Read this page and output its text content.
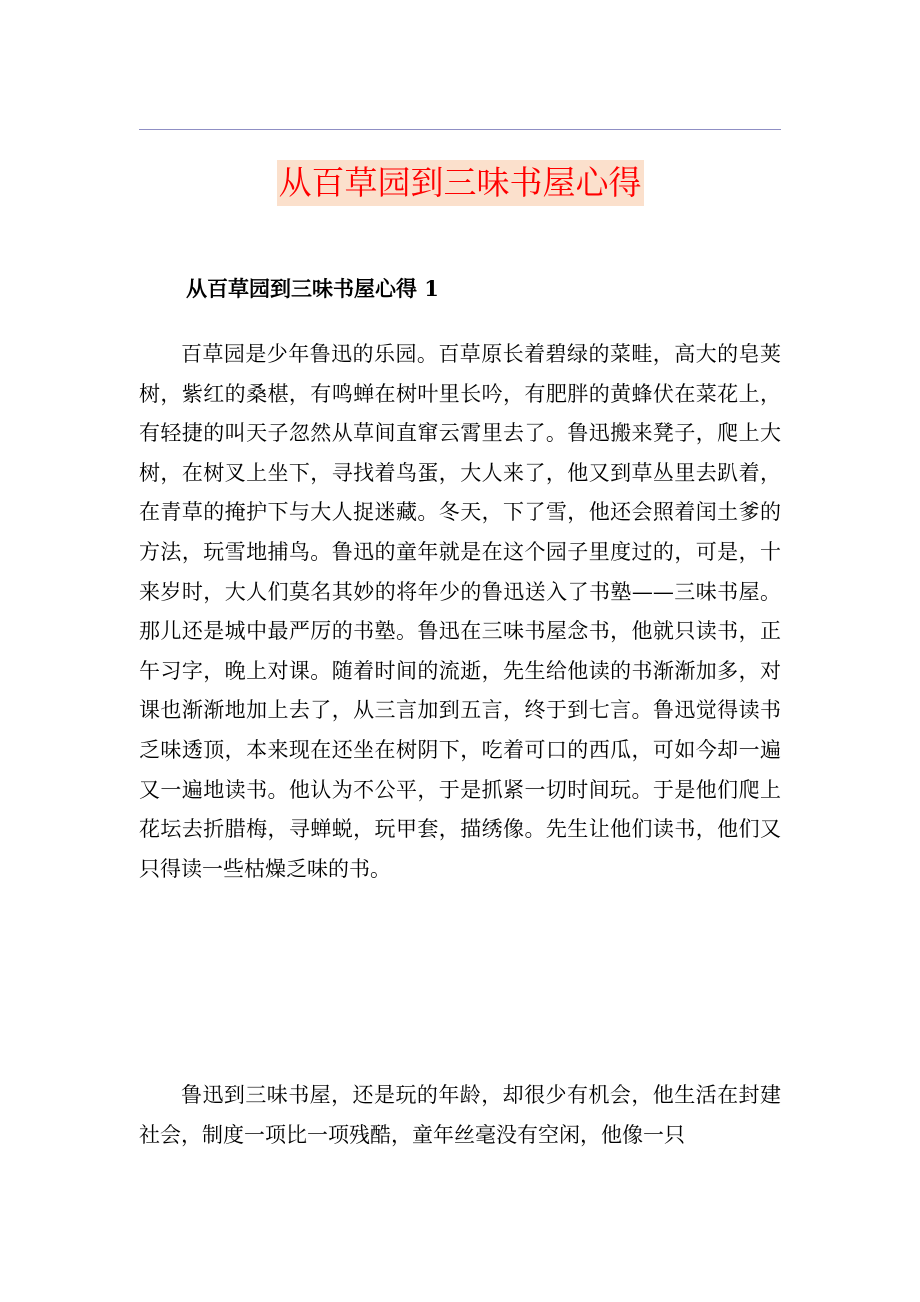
从百草园到三味书屋心得
从百草园到三味书屋心得 1

百草园是少年鲁迅的乐园。百草原长着碧绿的菜畦，高大的皂荚树，紫红的桑椹，有鸣蝉在树叶里长吟，有肥胖的黄蜂伏在菜花上，有轻捷的叫天子忽然从草间直窜云霄里去了。鲁迅搬来凳子，爬上大树，在树叉上坐下，寻找着鸟蛋，大人来了，他又到草丛里去趴着，在青草的掩护下与大人捉迷藏。冬天，下了雪，他还会照着闰土爹的方法，玩雪地捕鸟。鲁迅的童年就是在这个园子里度过的，可是，十来岁时，大人们莫名其妙的将年少的鲁迅送入了书塾——三味书屋。那儿还是城中最严厉的书塾。鲁迅在三味书屋念书，他就只读书，正午习字，晚上对课。随着时间的流逝，先生给他读的书渐渐加多，对课也渐渐地加上去了，从三言加到五言，终于到七言。鲁迅觉得读书乏味透顶，本来现在还坐在树阴下，吃着可口的西瓜，可如今却一遍又一遍地读书。他认为不公平，于是抓紧一切时间玩。于是他们爬上花坛去折腊梅，寻蝉蜕，玩甲套，描绣像。先生让他们读书，他们又只得读一些枯燥乏味的书。

鲁迅到三味书屋，还是玩的年龄，却很少有机会，他生活在封建社会，制度一项比一项残酷，童年丝毫没有空闲，他像一只
